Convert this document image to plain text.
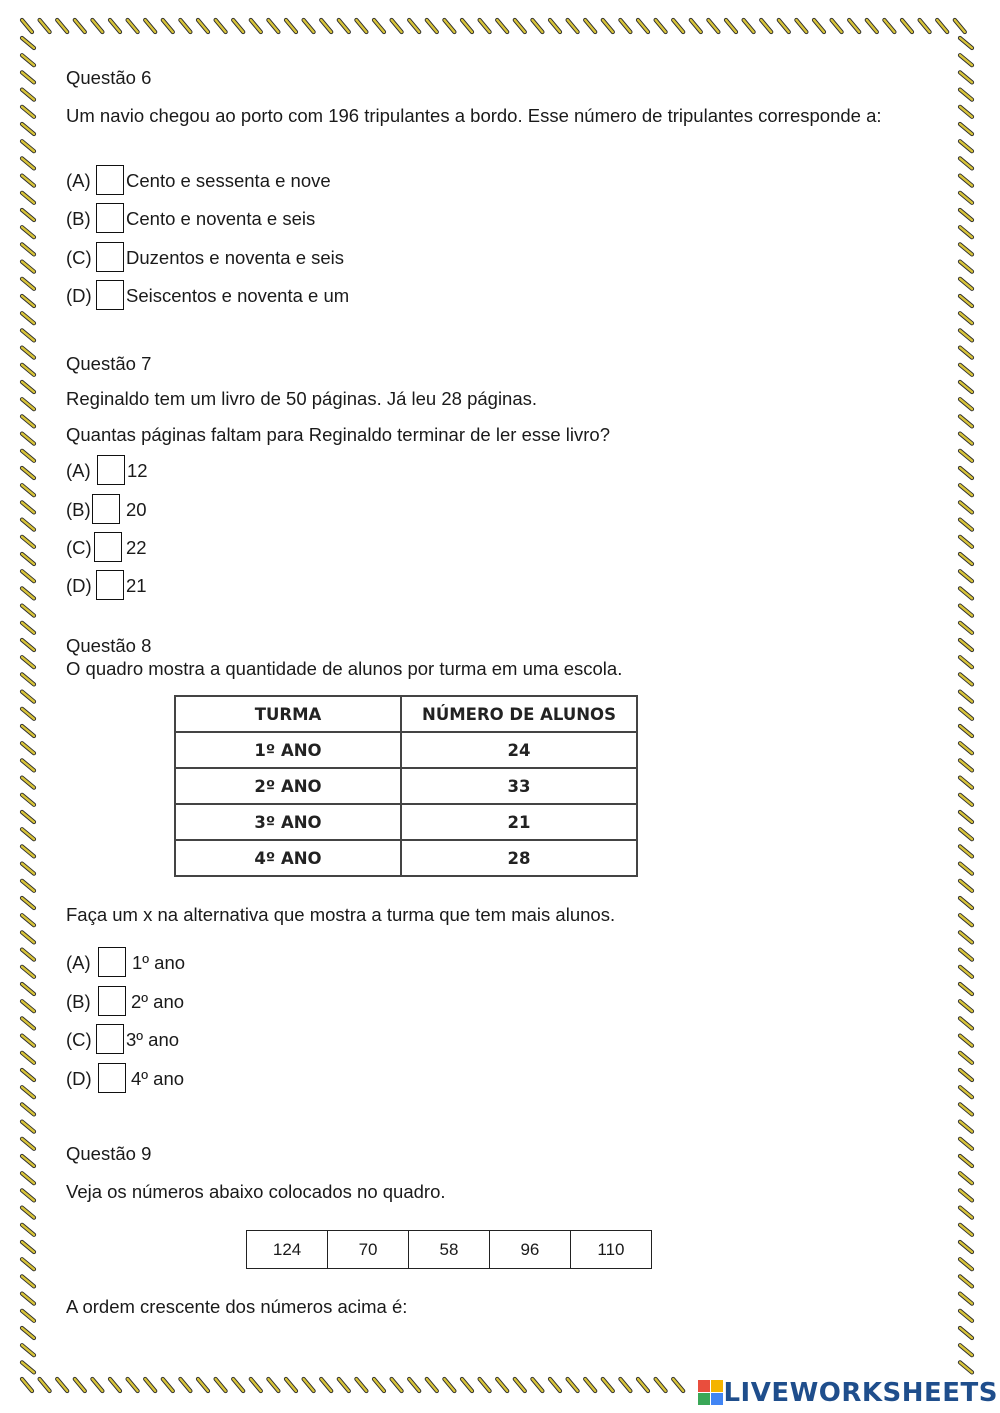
Questão 6
Um navio chegou ao porto com 196 tripulantes a bordo. Esse número de tripulantes corresponde a:
(A) Cento e sessenta e nove
(B) Cento e noventa e seis
(C) Duzentos e noventa e seis
(D) Seiscentos e noventa e um
Questão 7
Reginaldo tem um livro de 50 páginas. Já leu 28 páginas.
Quantas páginas faltam para Reginaldo terminar de ler esse livro?
(A) 12
(B) 20
(C) 22
(D) 21
Questão 8
O quadro mostra a quantidade de alunos por turma em uma escola.
TURMA	NÚMERO DE ALUNOS
1º ANO	24
2º ANO	33
3º ANO	21
4º ANO	28
Faça um x na alternativa que mostra a turma que tem mais alunos.
(A) 1º ano
(B) 2º ano
(C) 3º ano
(D) 4º ano
Questão 9
Veja os números abaixo colocados no quadro.
124	70	58	96	110
A ordem crescente dos números acima é:
LIVEWORKSHEETS
